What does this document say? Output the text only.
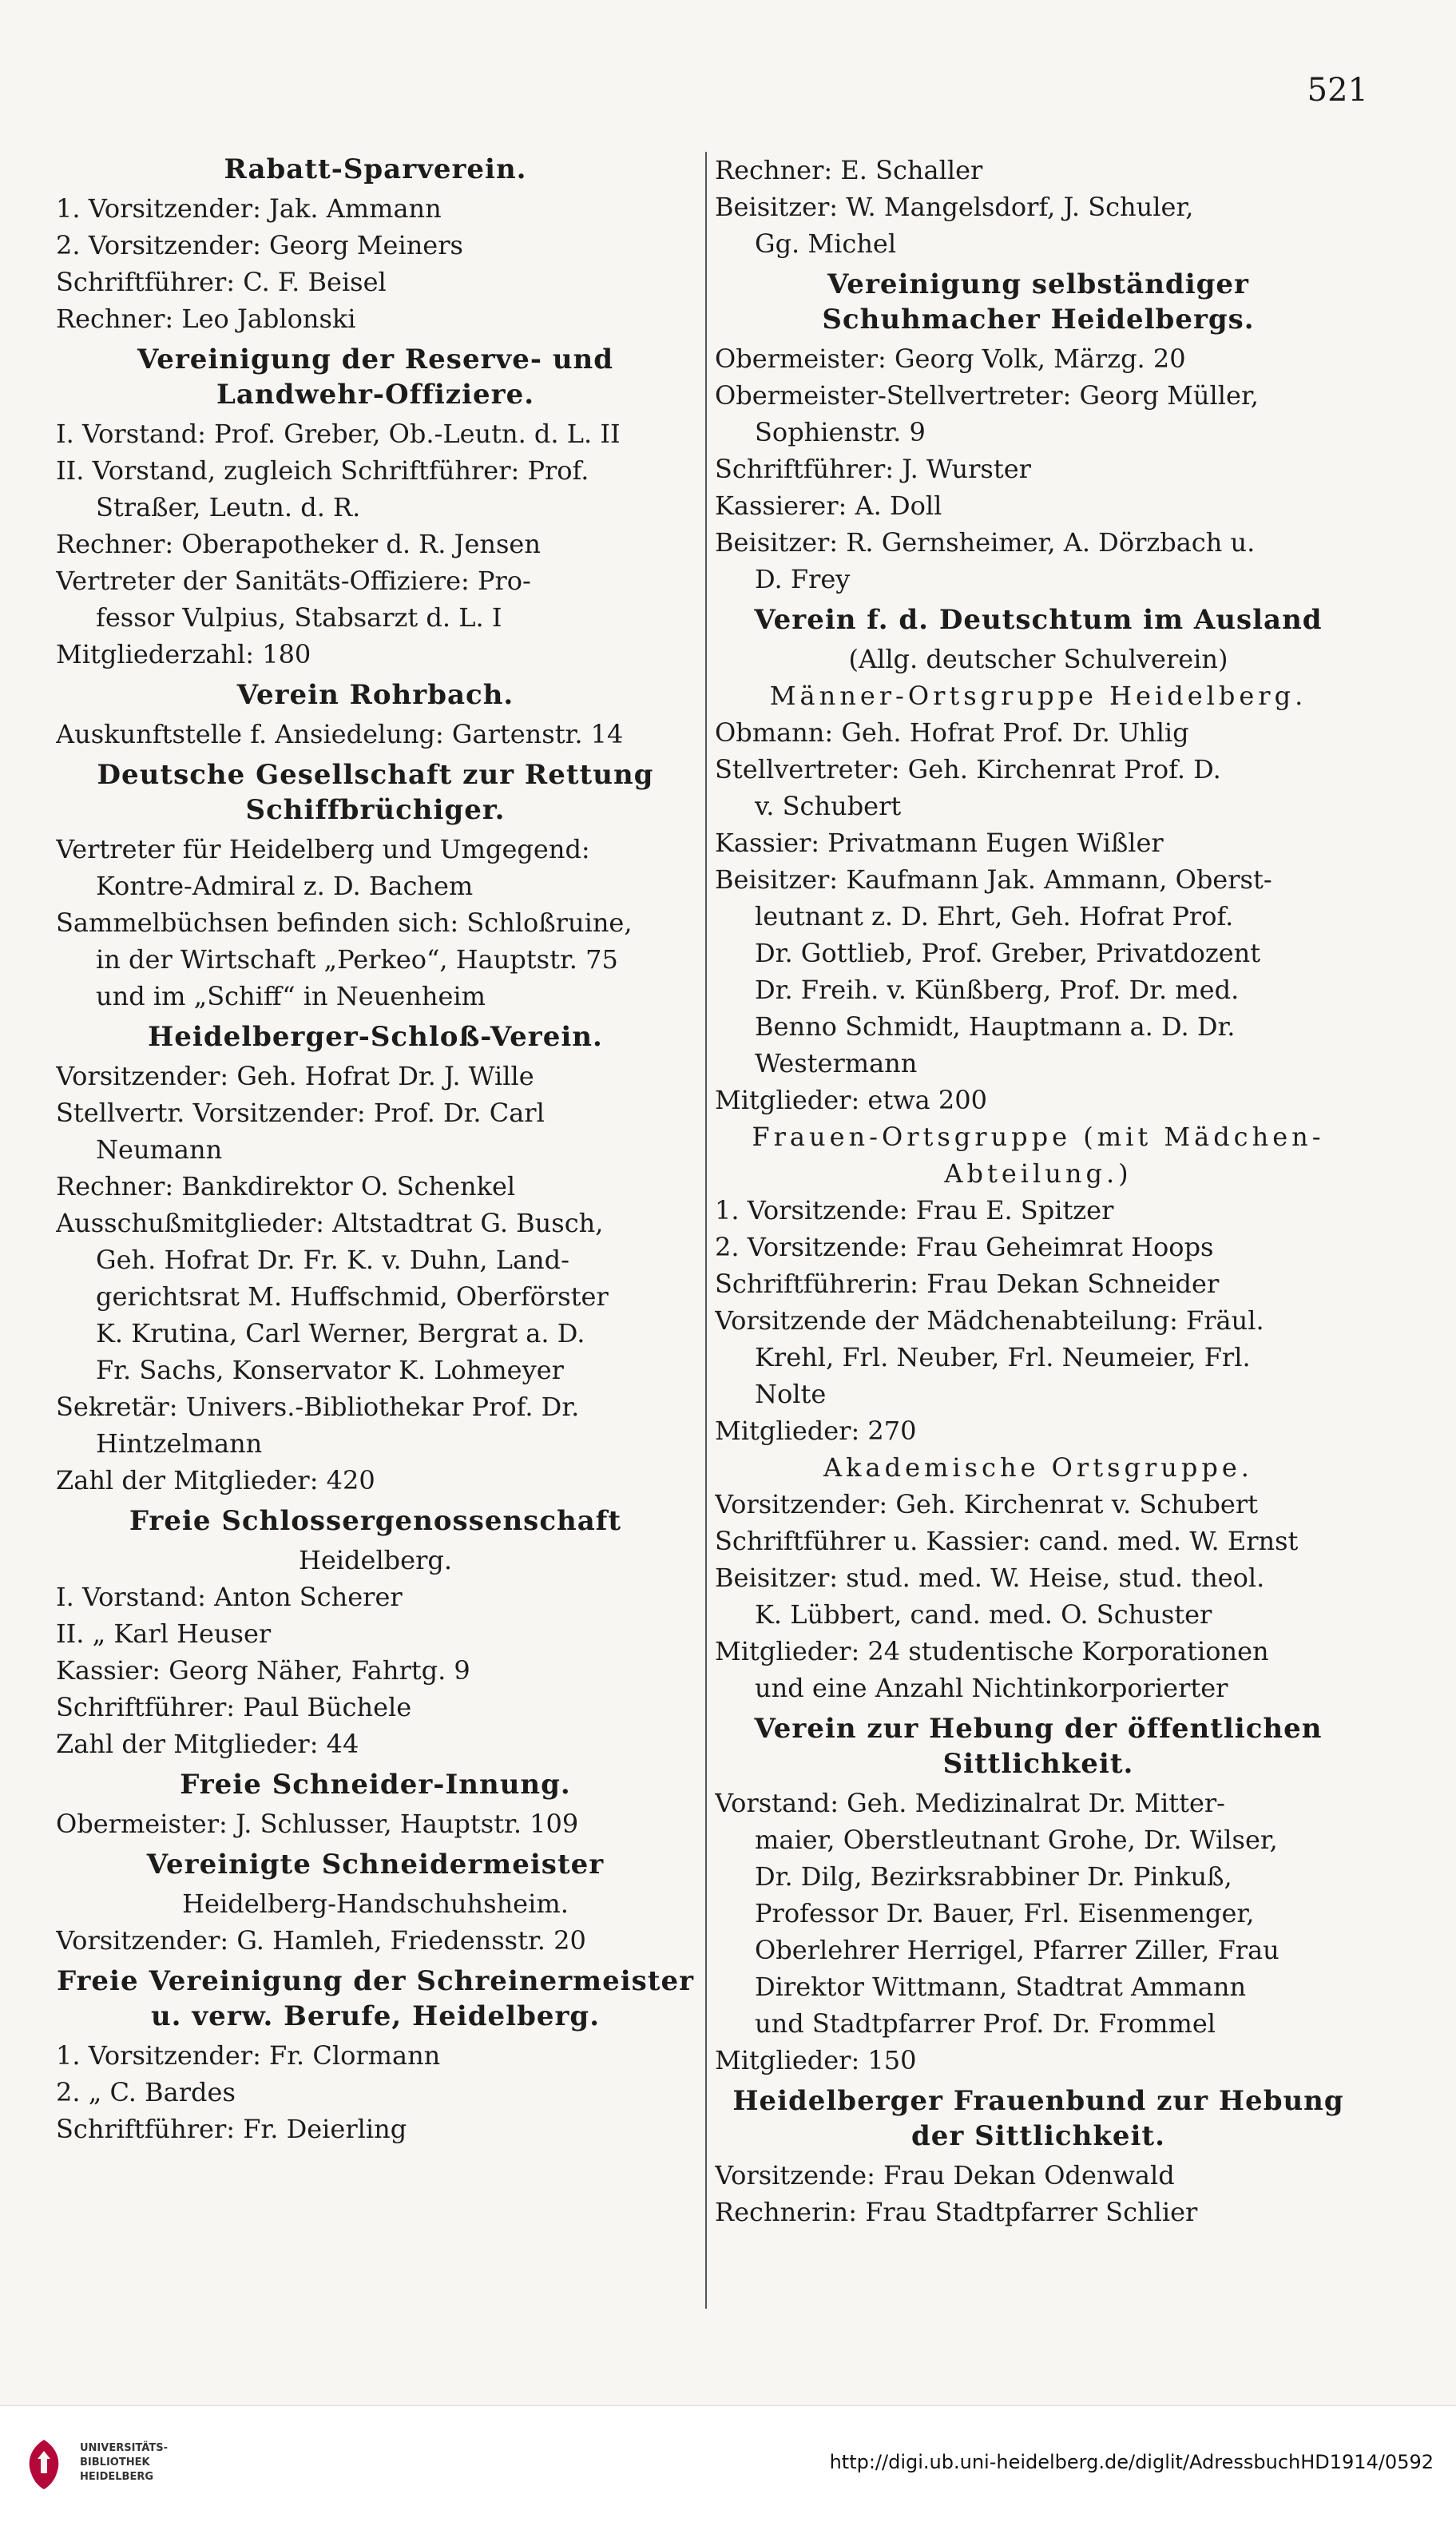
521
Rabatt-Sparverein.
1. Vorsitzender: Jak. Ammann
2. Vorsitzender: Georg Meiners
Schriftführer: C. F. Beisel
Rechner: Leo Jablonski
Vereinigung der Reserve- und Landwehr-Offiziere.
I. Vorstand: Prof. Greber, Ob.-Leutn. d. L. II
II. Vorstand, zugleich Schriftführer: Prof.
Straßer, Leutn. d. R.
Rechner: Oberapotheker d. R. Jensen
Vertreter der Sanitäts-Offiziere: Pro-
fessor Vulpius, Stabsarzt d. L. I
Mitgliederzahl: 180
Verein Rohrbach.
Auskunftstelle f. Ansiedelung: Gartenstr. 14
Deutsche Gesellschaft zur Rettung Schiffbrüchiger.
Vertreter für Heidelberg und Umgegend:
Kontre-Admiral z. D. Bachem
Sammelbüchsen befinden sich: Schloßruine,
in der Wirtschaft „Perkeo“, Hauptstr. 75
und im „Schiff“ in Neuenheim
Heidelberger-Schloß-Verein.
Vorsitzender: Geh. Hofrat Dr. J. Wille
Stellvertr. Vorsitzender: Prof. Dr. Carl
Neumann
Rechner: Bankdirektor O. Schenkel
Ausschußmitglieder: Altstadtrat G. Busch,
Geh. Hofrat Dr. Fr. K. v. Duhn, Land-
gerichtsrat M. Huffschmid, Oberförster
K. Krutina, Carl Werner, Bergrat a. D.
Fr. Sachs, Konservator K. Lohmeyer
Sekretär: Univers.-Bibliothekar Prof. Dr.
Hintzelmann
Zahl der Mitglieder: 420
Freie Schlossergenossenschaft
Heidelberg.
I. Vorstand: Anton Scherer
II. „ Karl Heuser
Kassier: Georg Näher, Fahrtg. 9
Schriftführer: Paul Büchele
Zahl der Mitglieder: 44
Freie Schneider-Innung.
Obermeister: J. Schlusser, Hauptstr. 109
Vereinigte Schneidermeister
Heidelberg-Handschuhsheim.
Vorsitzender: G. Hamleh, Friedensstr. 20
Freie Vereinigung der Schreinermeister u. verw. Berufe, Heidelberg.
1. Vorsitzender: Fr. Clormann
2. „ C. Bardes
Schriftführer: Fr. Deierling
Rechner: E. Schaller
Beisitzer: W. Mangelsdorf, J. Schuler,
Gg. Michel
Vereinigung selbständiger Schuhmacher Heidelbergs.
Obermeister: Georg Volk, Märzg. 20
Obermeister-Stellvertreter: Georg Müller,
Sophienstr. 9
Schriftführer: J. Wurster
Kassierer: A. Doll
Beisitzer: R. Gernsheimer, A. Dörzbach u.
D. Frey
Verein f. d. Deutschtum im Ausland
(Allg. deutscher Schulverein)
Männer-Ortsgruppe Heidelberg.
Obmann: Geh. Hofrat Prof. Dr. Uhlig
Stellvertreter: Geh. Kirchenrat Prof. D.
v. Schubert
Kassier: Privatmann Eugen Wißler
Beisitzer: Kaufmann Jak. Ammann, Oberst-
leutnant z. D. Ehrt, Geh. Hofrat Prof.
Dr. Gottlieb, Prof. Greber, Privatdozent
Dr. Freih. v. Künßberg, Prof. Dr. med.
Benno Schmidt, Hauptmann a. D. Dr.
Westermann
Mitglieder: etwa 200
Frauen-Ortsgruppe (mit Mädchen-
Abteilung.)
1. Vorsitzende: Frau E. Spitzer
2. Vorsitzende: Frau Geheimrat Hoops
Schriftführerin: Frau Dekan Schneider
Vorsitzende der Mädchenabteilung: Fräul.
Krehl, Frl. Neuber, Frl. Neumeier, Frl.
Nolte
Mitglieder: 270
Akademische Ortsgruppe.
Vorsitzender: Geh. Kirchenrat v. Schubert
Schriftführer u. Kassier: cand. med. W. Ernst
Beisitzer: stud. med. W. Heise, stud. theol.
K. Lübbert, cand. med. O. Schuster
Mitglieder: 24 studentische Korporationen
und eine Anzahl Nichtinkorporierter
Verein zur Hebung der öffentlichen Sittlichkeit.
Vorstand: Geh. Medizinalrat Dr. Mitter-
maier, Oberstleutnant Grohe, Dr. Wilser,
Dr. Dilg, Bezirksrabbiner Dr. Pinkuß,
Professor Dr. Bauer, Frl. Eisenmenger,
Oberlehrer Herrigel, Pfarrer Ziller, Frau
Direktor Wittmann, Stadtrat Ammann
und Stadtpfarrer Prof. Dr. Frommel
Mitglieder: 150
Heidelberger Frauenbund zur Hebung der Sittlichkeit.
Vorsitzende: Frau Dekan Odenwald
Rechnerin: Frau Stadtpfarrer Schlier
UNIVERSITÄTS-
BIBLIOTHEK
HEIDELBERG
http://digi.ub.uni-heidelberg.de/diglit/AdressbuchHD1914/0592
